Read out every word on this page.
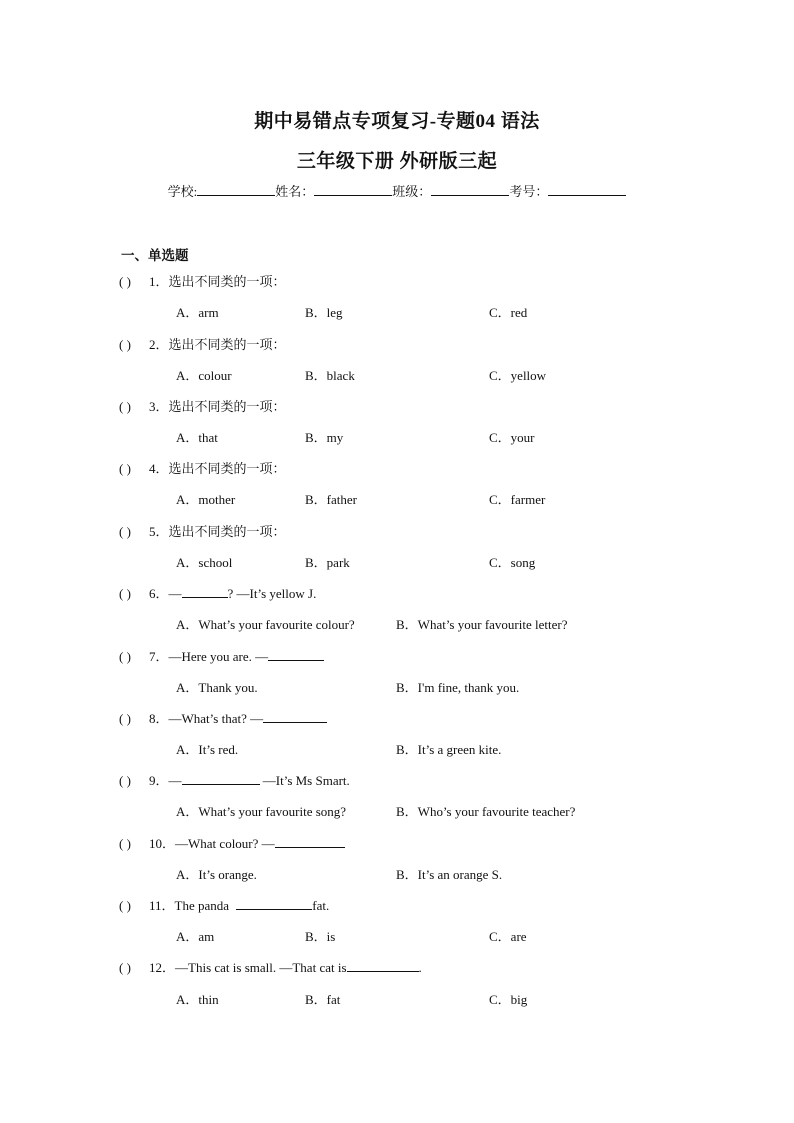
期中易错点专项复习-专题04 语法
三年级下册 外研版三起
学校:	姓名：	班级：	考号：
一、单选题
( ) 1．选出不同类的一项：
A．arm	B．leg	C．red
( ) 2．选出不同类的一项：
A．colour	B．black	C．yellow
( ) 3．选出不同类的一项：
A．that	B．my	C．your
( ) 4．选出不同类的一项：
A．mother	B．father	C．farmer
( ) 5．选出不同类的一项：
A．school	B．park	C．song
( ) 6．—	? —It’s yellow J.
A．What’s your favourite colour?	B．What’s your favourite letter?
( ) 7．—Here you are. —
A．Thank you.	B．I'm fine, thank you.
( ) 8．—What’s that? —
A．It’s red.	B．It’s a green kite.
( ) 9．—	—It’s Ms Smart.
A．What’s your favourite song?	B．Who’s your favourite teacher?
( ) 10．—What colour? —
A．It’s orange.	B．It’s an orange S.
( ) 11．The panda	fat.
A．am	B．is	C．are
( ) 12．—This cat is small. —That cat is	.
A．thin	B．fat	C．big
